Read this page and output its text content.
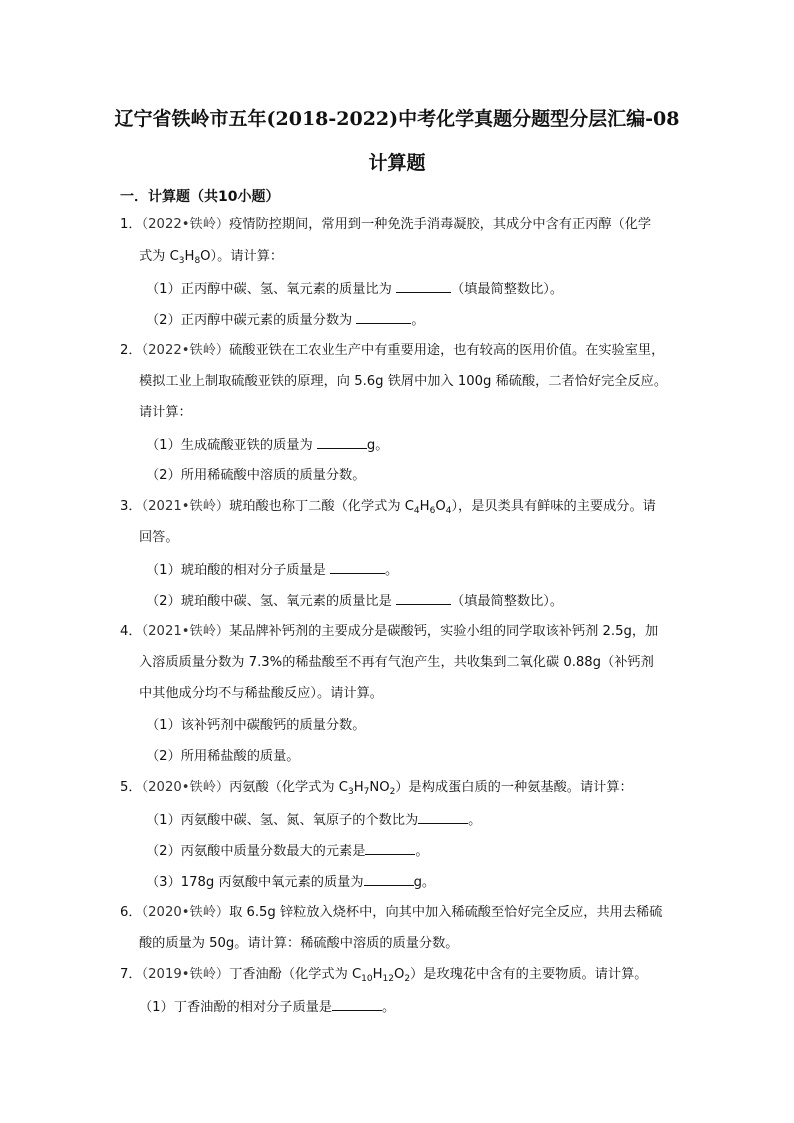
辽宁省铁岭市五年(2018-2022)中考化学真题分题型分层汇编-08
计算题
一．计算题（共10小题）
1．（2022•铁岭）疫情防控期间，常用到一种免洗手消毒凝胶，其成分中含有正丙醇（化学
式为 $C_3H_8O$）。请计算：
（1）正丙醇中碳、氢、氧元素的质量比为	（填最简整数比）。
（2）正丙醇中碳元素的质量分数为	。
2．（2022•铁岭）硫酸亚铁在工农业生产中有重要用途，也有较高的医用价值。在实验室里，
模拟工业上制取硫酸亚铁的原理，向 5.6g 铁屑中加入 100g 稀硫酸，二者恰好完全反应。
请计算：
（1）生成硫酸亚铁的质量为	g。
（2）所用稀硫酸中溶质的质量分数。
3．（2021•铁岭）琥珀酸也称丁二酸（化学式为 $C_4H_6O_4$），是贝类具有鲜味的主要成分。请
回答。
（1）琥珀酸的相对分子质量是	。
（2）琥珀酸中碳、氢、氧元素的质量比是	（填最简整数比）。
4．（2021•铁岭）某品牌补钙剂的主要成分是碳酸钙，实验小组的同学取该补钙剂 2.5g，加
入溶质质量分数为 7.3%的稀盐酸至不再有气泡产生，共收集到二氧化碳 0.88g（补钙剂
中其他成分均不与稀盐酸反应）。请计算。
（1）该补钙剂中碳酸钙的质量分数。
（2）所用稀盐酸的质量。
5．（2020•铁岭）丙氨酸（化学式为 $C_3H_7NO_2$）是构成蛋白质的一种氨基酸。请计算：
（1）丙氨酸中碳、氢、氮、氧原子的个数比为	。
（2）丙氨酸中质量分数最大的元素是	。
（3）178g 丙氨酸中氧元素的质量为	g。
6．（2020•铁岭）取 6.5g 锌粒放入烧杯中，向其中加入稀硫酸至恰好完全反应，共用去稀硫
酸的质量为 50g。请计算：稀硫酸中溶质的质量分数。
7．（2019•铁岭）丁香油酚（化学式为 $C_{10}H_{12}O_2$）是玫瑰花中含有的主要物质。请计算。
（1）丁香油酚的相对分子质量是	。
